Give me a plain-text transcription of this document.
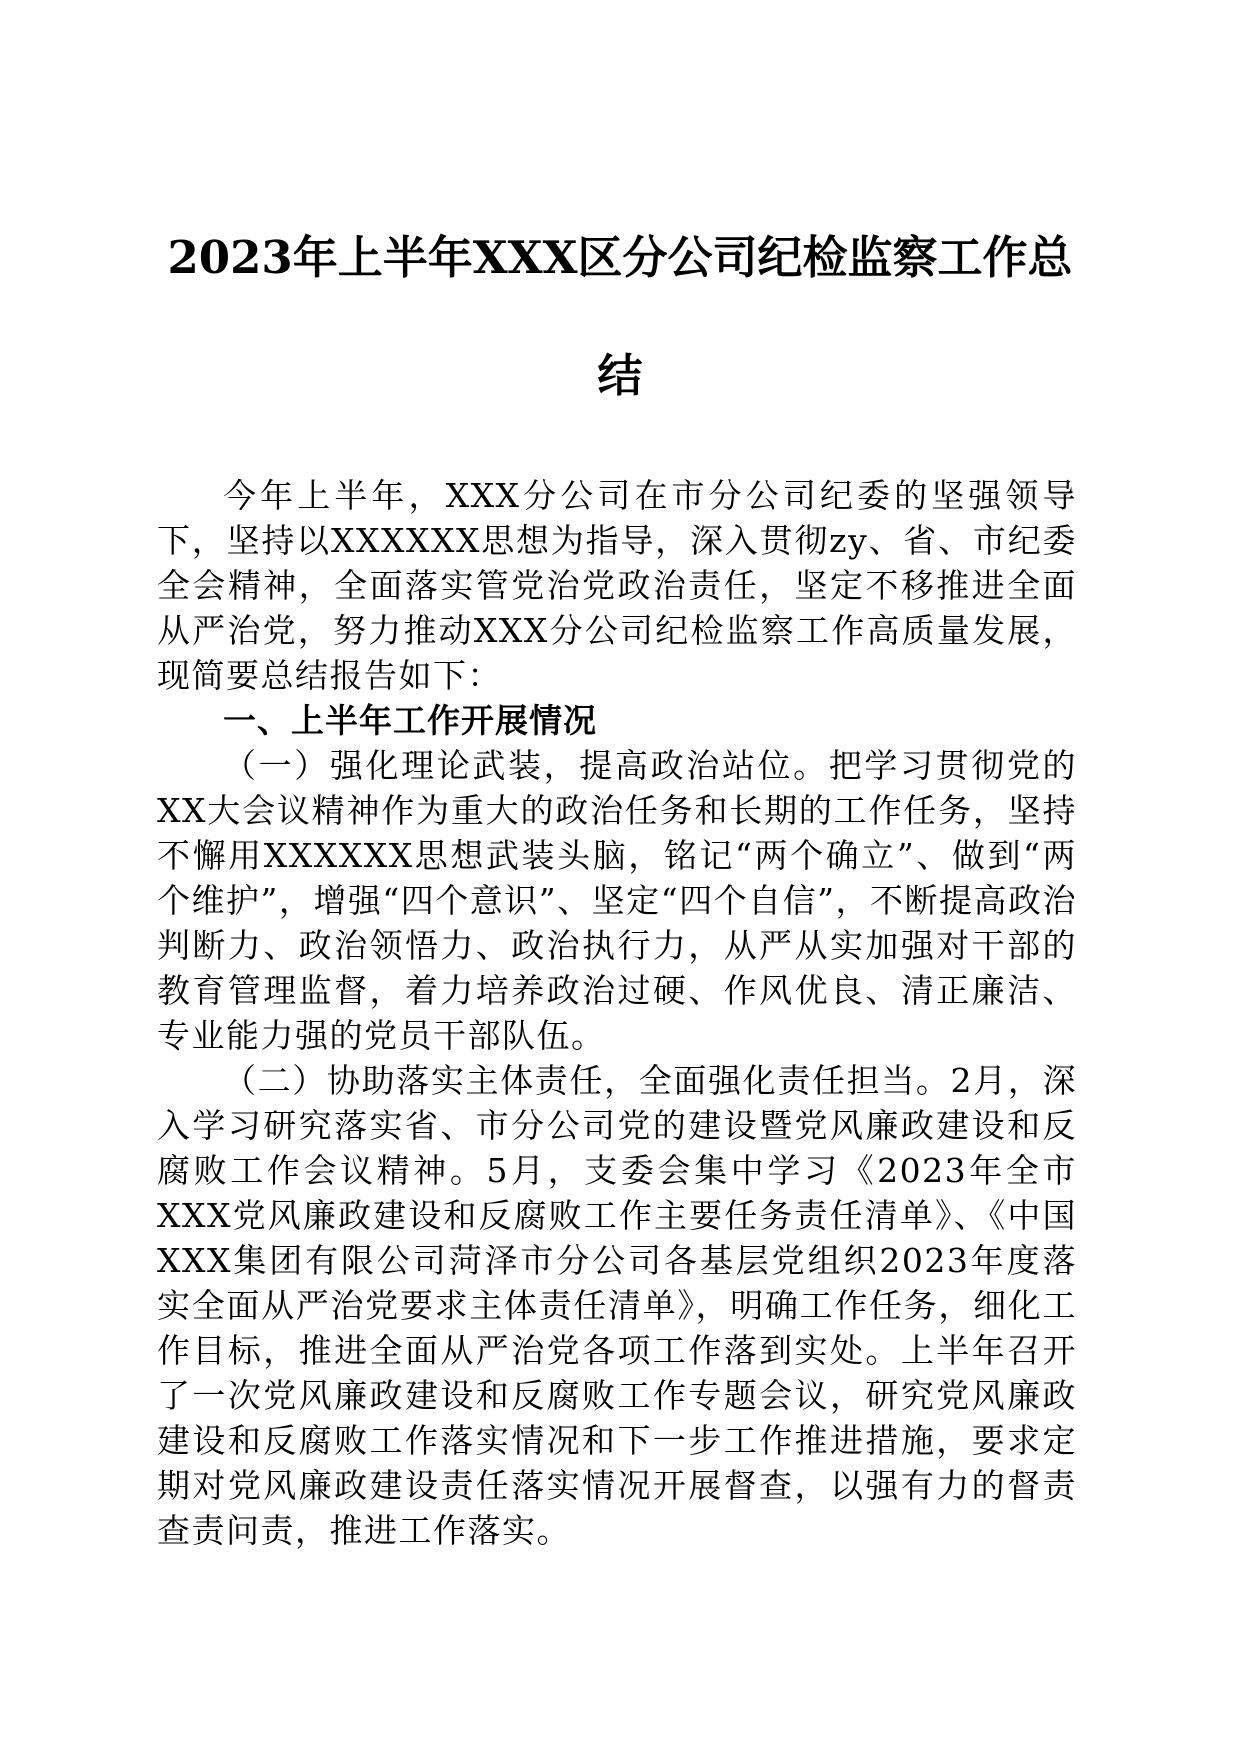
2023年上半年XXX区分公司纪检监察工作总
结

今年上半年，XXX分公司在市分公司纪委的坚强领导下，坚持以XXXXXX思想为指导，深入贯彻zy、省、市纪委全会精神，全面落实管党治党政治责任，坚定不移推进全面从严治党，努力推动XXX分公司纪检监察工作高质量发展，现简要总结报告如下：

一、上半年工作开展情况

（一）强化理论武装，提高政治站位。把学习贯彻党的XX大会议精神作为重大的政治任务和长期的工作任务，坚持不懈用XXXXXX思想武装头脑，铭记“两个确立”、做到“两个维护”，增强“四个意识”、坚定“四个自信”，不断提高政治判断力、政治领悟力、政治执行力，从严从实加强对干部的教育管理监督，着力培养政治过硬、作风优良、清正廉洁、专业能力强的党员干部队伍。

（二）协助落实主体责任，全面强化责任担当。2月，深入学习研究落实省、市分公司党的建设暨党风廉政建设和反腐败工作会议精神。5月，支委会集中学习《2023年全市XXX党风廉政建设和反腐败工作主要任务责任清单》、《中国XXX集团有限公司菏泽市分公司各基层党组织2023年度落实全面从严治党要求主体责任清单》，明确工作任务，细化工作目标，推进全面从严治党各项工作落到实处。上半年召开了一次党风廉政建设和反腐败工作专题会议，研究党风廉政建设和反腐败工作落实情况和下一步工作推进措施，要求定期对党风廉政建设责任落实情况开展督查，以强有力的督责查责问责，推进工作落实。
